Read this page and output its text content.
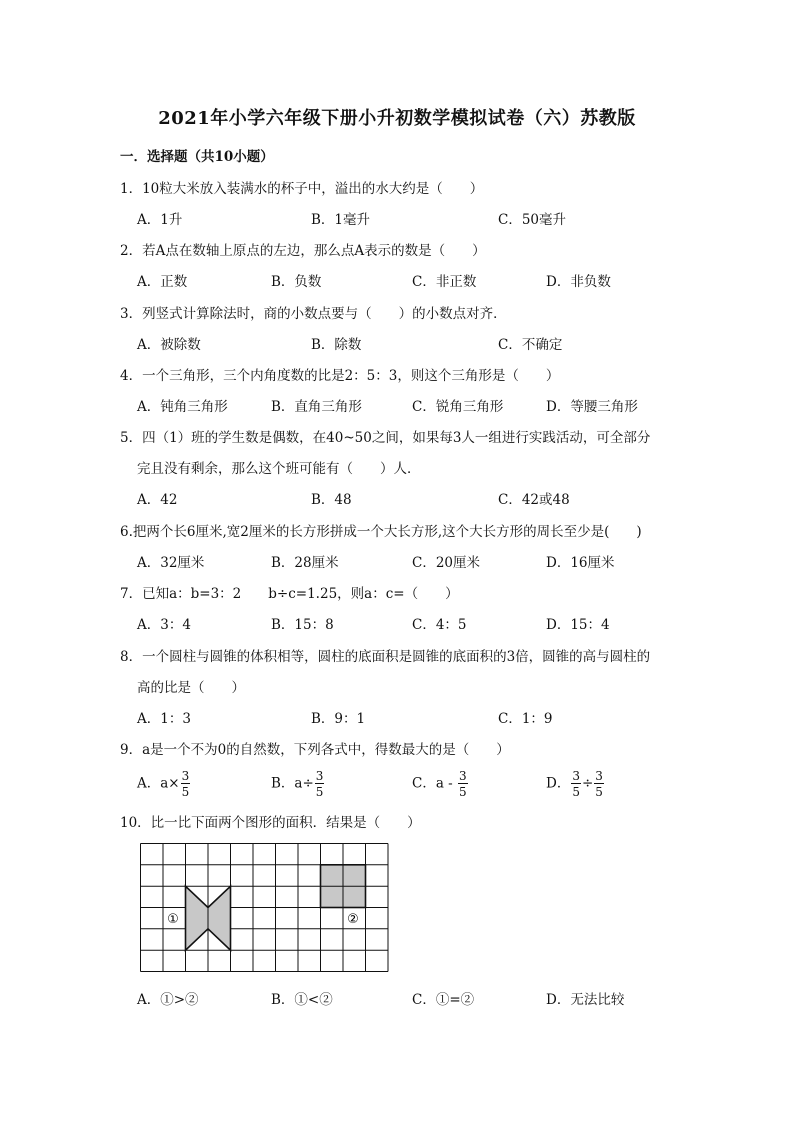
2021年小学六年级下册小升初数学模拟试卷（六）苏教版
一．选择题（共10小题）
1．10粒大米放入装满水的杯子中，溢出的水大约是（　　）
A．1升	B．1毫升	C．50毫升
2．若A点在数轴上原点的左边，那么点A表示的数是（　　）
A．正数	B．负数	C．非正数	D．非负数
3．列竖式计算除法时，商的小数点要与（　　）的小数点对齐．
A．被除数	B．除数	C．不确定
4．一个三角形，三个内角度数的比是2：5：3，则这个三角形是（　　）
A．钝角三角形	B．直角三角形	C．锐角三角形	D．等腰三角形
5．四（1）班的学生数是偶数，在40~50之间，如果每3人一组进行实践活动，可全部分
完且没有剩余，那么这个班可能有（　　）人．
A．42	B．48	C．42或48
6.把两个长6厘米,宽2厘米的长方形拼成一个大长方形,这个大长方形的周长至少是(　　)
A．32厘米	B．28厘米	C．20厘米	D．16厘米
7．已知a：b=3：2　　b÷c=1.25，则a：c=（　　）
A．3：4	B．15：8	C．4：5	D．15：4
8．一个圆柱与圆锥的体积相等，圆柱的底面积是圆锥的底面积的3倍，圆锥的高与圆柱的
高的比是（　　）
A．1：3	B．9：1	C．1：9
9．a是一个不为0的自然数，下列各式中，得数最大的是（　　）
A．$a\times \frac{3}{5}$	B．$a\div \frac{3}{5}$	C．a - $\frac{3}{5}$	D． $\frac{3}{5} \div \frac{3}{5}$
10．比一比下面两个图形的面积．结果是（　　）
①	②
A．①>②	B．①<②	C．①=②	D．无法比较
